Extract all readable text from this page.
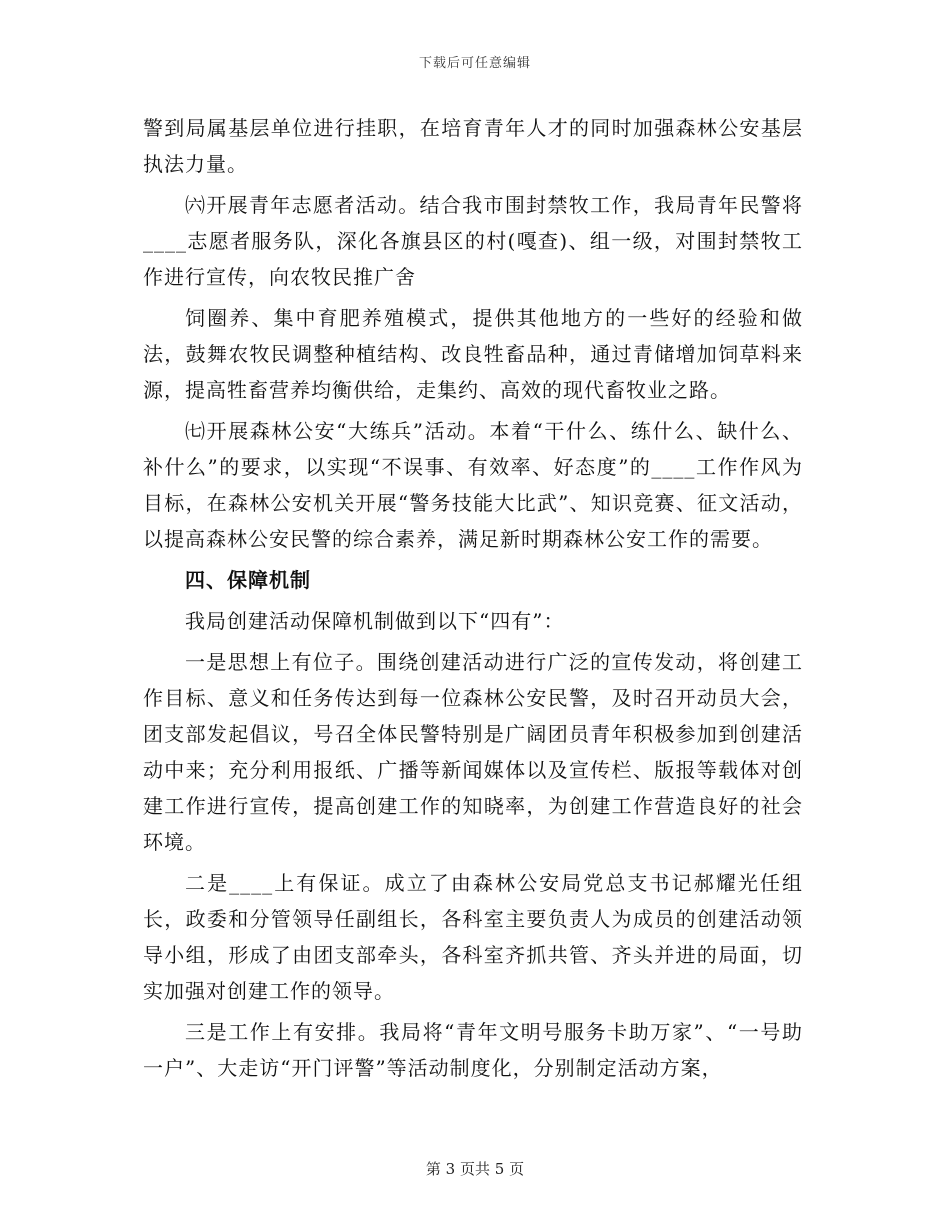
下载后可任意编辑

警到局属基层单位进行挂职，在培育青年人才的同时加强森林公安基层执法力量。

㈥开展青年志愿者活动。结合我市围封禁牧工作，我局青年民警将____志愿者服务队，深化各旗县区的村(嘎查)、组一级，对围封禁牧工作进行宣传，向农牧民推广舍

饲圈养、集中育肥养殖模式，提供其他地方的一些好的经验和做法，鼓舞农牧民调整种植结构、改良牲畜品种，通过青储增加饲草料来源，提高牲畜营养均衡供给，走集约、高效的现代畜牧业之路。

㈦开展森林公安“大练兵”活动。本着“干什么、练什么、缺什么、补什么”的要求，以实现“不误事、有效率、好态度”的____工作作风为目标，在森林公安机关开展“警务技能大比武”、知识竞赛、征文活动，以提高森林公安民警的综合素养，满足新时期森林公安工作的需要。

四、保障机制

我局创建活动保障机制做到以下“四有”：

一是思想上有位子。围绕创建活动进行广泛的宣传发动，将创建工作目标、意义和任务传达到每一位森林公安民警，及时召开动员大会，团支部发起倡议，号召全体民警特别是广阔团员青年积极参加到创建活动中来；充分利用报纸、广播等新闻媒体以及宣传栏、版报等载体对创建工作进行宣传，提高创建工作的知晓率，为创建工作营造良好的社会环境。

二是____上有保证。成立了由森林公安局党总支书记郝耀光任组长，政委和分管领导任副组长，各科室主要负责人为成员的创建活动领导小组，形成了由团支部牵头，各科室齐抓共管、齐头并进的局面，切实加强对创建工作的领导。

三是工作上有安排。我局将“青年文明号服务卡助万家”、“一号助一户”、大走访“开门评警”等活动制度化，分别制定活动方案，

第 3 页共 5 页
